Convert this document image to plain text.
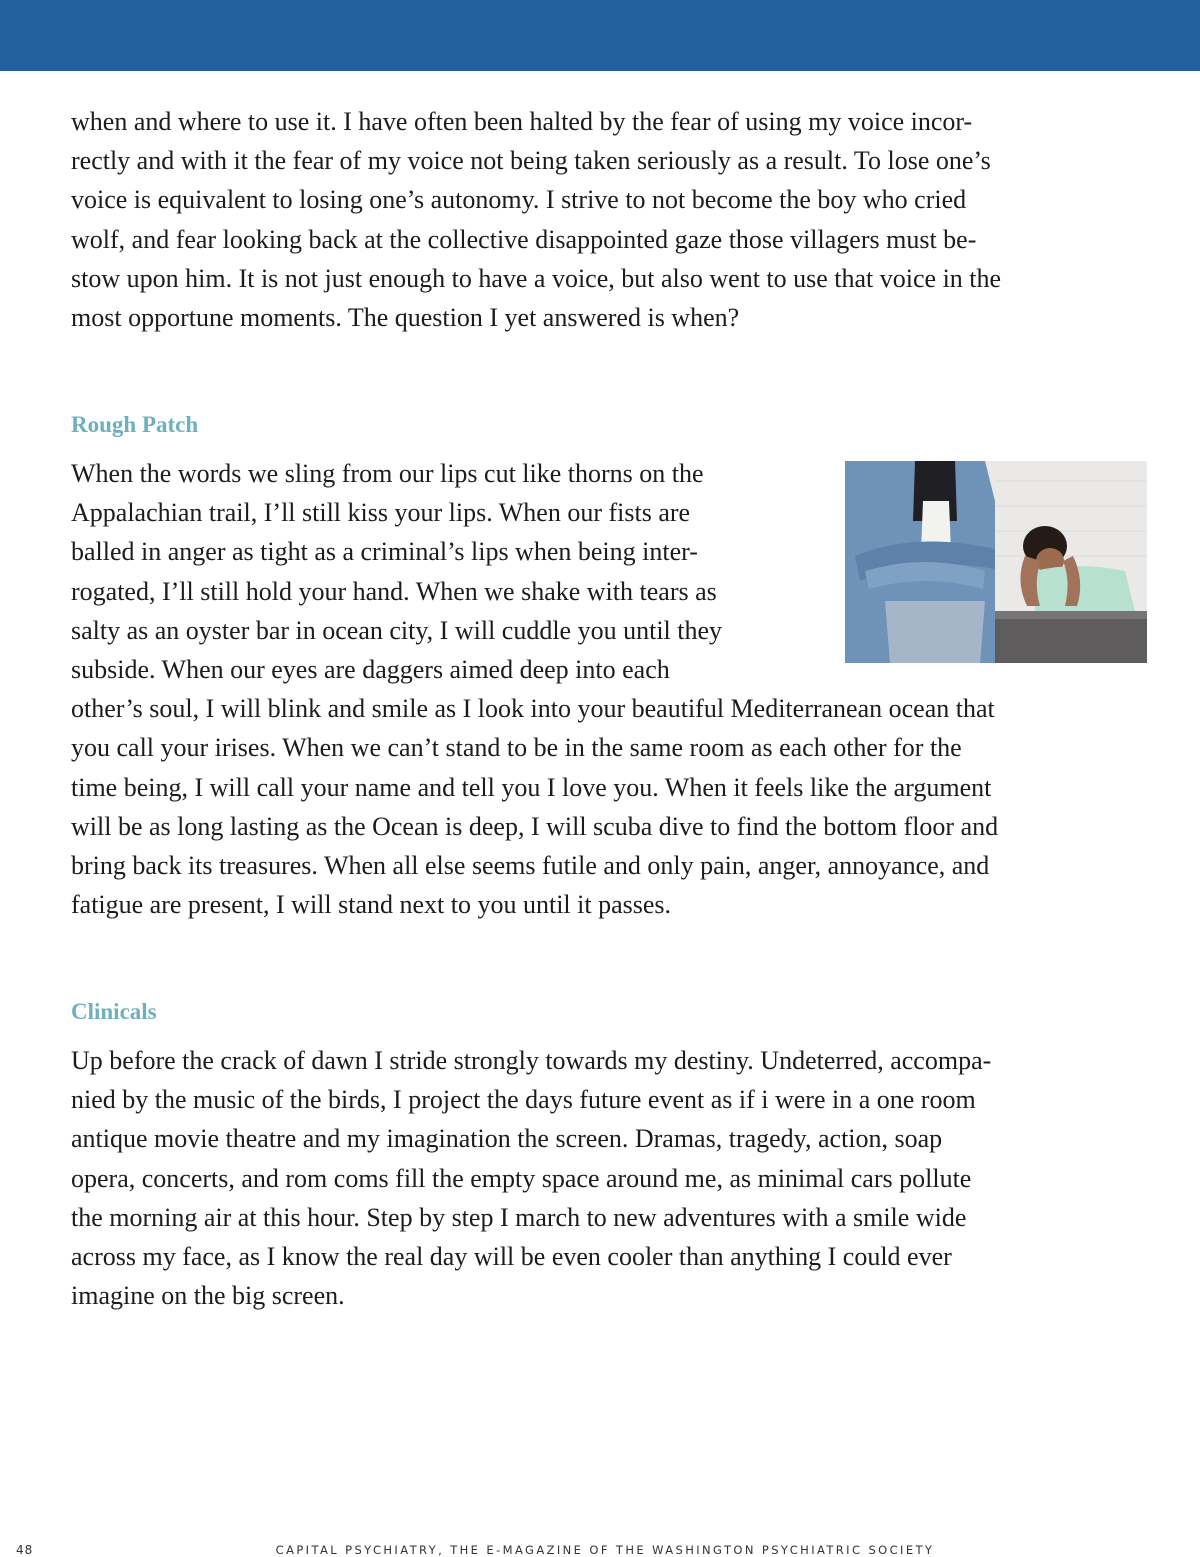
when and where to use it. I have often been halted by the fear of using my voice incor-
rectly and with it the fear of my voice not being taken seriously as a result. To lose one’s
voice is equivalent to losing one’s autonomy. I strive to not become the boy who cried
wolf, and fear looking back at the collective disappointed gaze those villagers must be-
stow upon him. It is not just enough to have a voice, but also went to use that voice in the
most opportune moments. The question I yet answered is when?

Rough Patch

When the words we sling from our lips cut like thorns on the
Appalachian trail, I’ll still kiss your lips. When our fists are
balled in anger as tight as a criminal’s lips when being inter-
rogated, I’ll still hold your hand. When we shake with tears as
salty as an oyster bar in ocean city, I will cuddle you until they
subside. When our eyes are daggers aimed deep into each
other’s soul, I will blink and smile as I look into your beautiful Mediterranean ocean that
you call your irises. When we can’t stand to be in the same room as each other for the
time being, I will call your name and tell you I love you. When it feels like the argument
will be as long lasting as the Ocean is deep, I will scuba dive to find the bottom floor and
bring back its treasures. When all else seems futile and only pain, anger, annoyance, and
fatigue are present, I will stand next to you until it passes.

Clinicals

Up before the crack of dawn I stride strongly towards my destiny. Undeterred, accompa-
nied by the music of the birds, I project the days future event as if i were in a one room
antique movie theatre and my imagination the screen. Dramas, tragedy, action, soap
opera, concerts, and rom coms fill the empty space around me, as minimal cars pollute
the morning air at this hour. Step by step I march to new adventures with a smile wide
across my face, as I know the real day will be even cooler than anything I could ever
imagine on the big screen.

48	CAPITAL PSYCHIATRY, THE E-MAGAZINE OF THE WASHINGTON PSYCHIATRIC SOCIETY
